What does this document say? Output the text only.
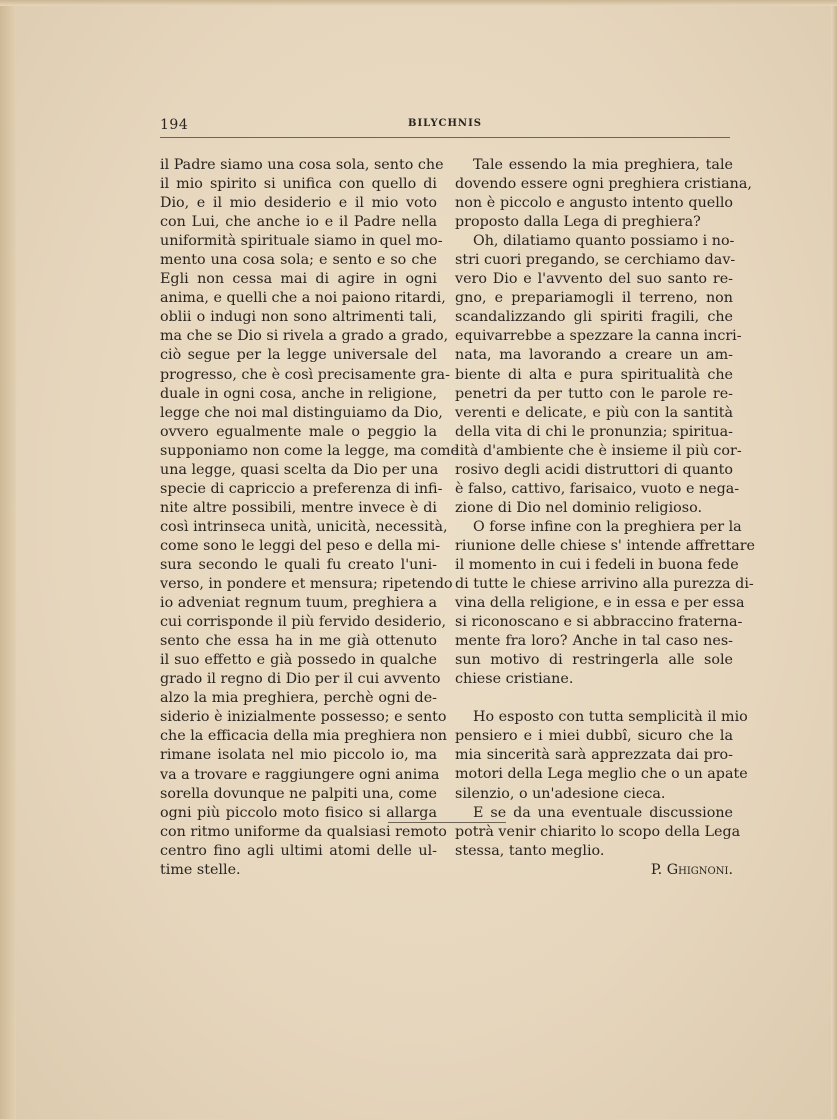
194	BILYCHNIS
il Padre siamo una cosa sola, sento che
il mio spirito si unifica con quello di
Dio, e il mio desiderio e il mio voto
con Lui, che anche io e il Padre nella
uniformità spirituale siamo in quel mo-
mento una cosa sola; e sento e so che
Egli non cessa mai di agire in ogni
anima, e quelli che a noi paiono ritardi,
oblii o indugi non sono altrimenti tali,
ma che se Dio si rivela a grado a grado,
ciò segue per la legge universale del
progresso, che è così precisamente gra-
duale in ogni cosa, anche in religione,
legge che noi mal distinguiamo da Dio,
ovvero egualmente male o peggio la
supponiamo non come la legge, ma come
una legge, quasi scelta da Dio per una
specie di capriccio a preferenza di infi-
nite altre possibili, mentre invece è di
così intrinseca unità, unicità, necessità,
come sono le leggi del peso e della mi-
sura secondo le quali fu creato l'uni-
verso, in pondere et mensura; ripetendo
io adveniat regnum tuum, preghiera a
cui corrisponde il più fervido desiderio,
sento che essa ha in me già ottenuto
il suo effetto e già possedo in qualche
grado il regno di Dio per il cui avvento
alzo la mia preghiera, perchè ogni de-
siderio è inizialmente possesso; e sento
che la efficacia della mia preghiera non
rimane isolata nel mio piccolo io, ma
va a trovare e raggiungere ogni anima
sorella dovunque ne palpiti una, come
ogni più piccolo moto fisico si allarga
con ritmo uniforme da qualsiasi remoto
centro fino agli ultimi atomi delle ul-
time stelle.
Tale essendo la mia preghiera, tale
dovendo essere ogni preghiera cristiana,
non è piccolo e angusto intento quello
proposto dalla Lega di preghiera?
Oh, dilatiamo quanto possiamo i no-
stri cuori pregando, se cerchiamo dav-
vero Dio e l'avvento del suo santo re-
gno, e prepariamogli il terreno, non
scandalizzando gli spiriti fragili, che
equivarrebbe a spezzare la canna incri-
nata, ma lavorando a creare un am-
biente di alta e pura spiritualità che
penetri da per tutto con le parole re-
verenti e delicate, e più con la santità
della vita di chi le pronunzia; spiritua-
lità d'ambiente che è insieme il più cor-
rosivo degli acidi distruttori di quanto
è falso, cattivo, farisaico, vuoto e nega-
zione di Dio nel dominio religioso.
O forse infine con la preghiera per la
riunione delle chiese s' intende affrettare
il momento in cui i fedeli in buona fede
di tutte le chiese arrivino alla purezza di-
vina della religione, e in essa e per essa
si riconoscano e si abbraccino fraterna-
mente fra loro? Anche in tal caso nes-
sun motivo di restringerla alle sole
chiese cristiane.
Ho esposto con tutta semplicità il mio
pensiero e i miei dubbî, sicuro che la
mia sincerità sarà apprezzata dai pro-
motori della Lega meglio che o un apate
silenzio, o un'adesione cieca.
E se da una eventuale discussione
potrà venir chiarito lo scopo della Lega
stessa, tanto meglio.
P. Ghignoni.
